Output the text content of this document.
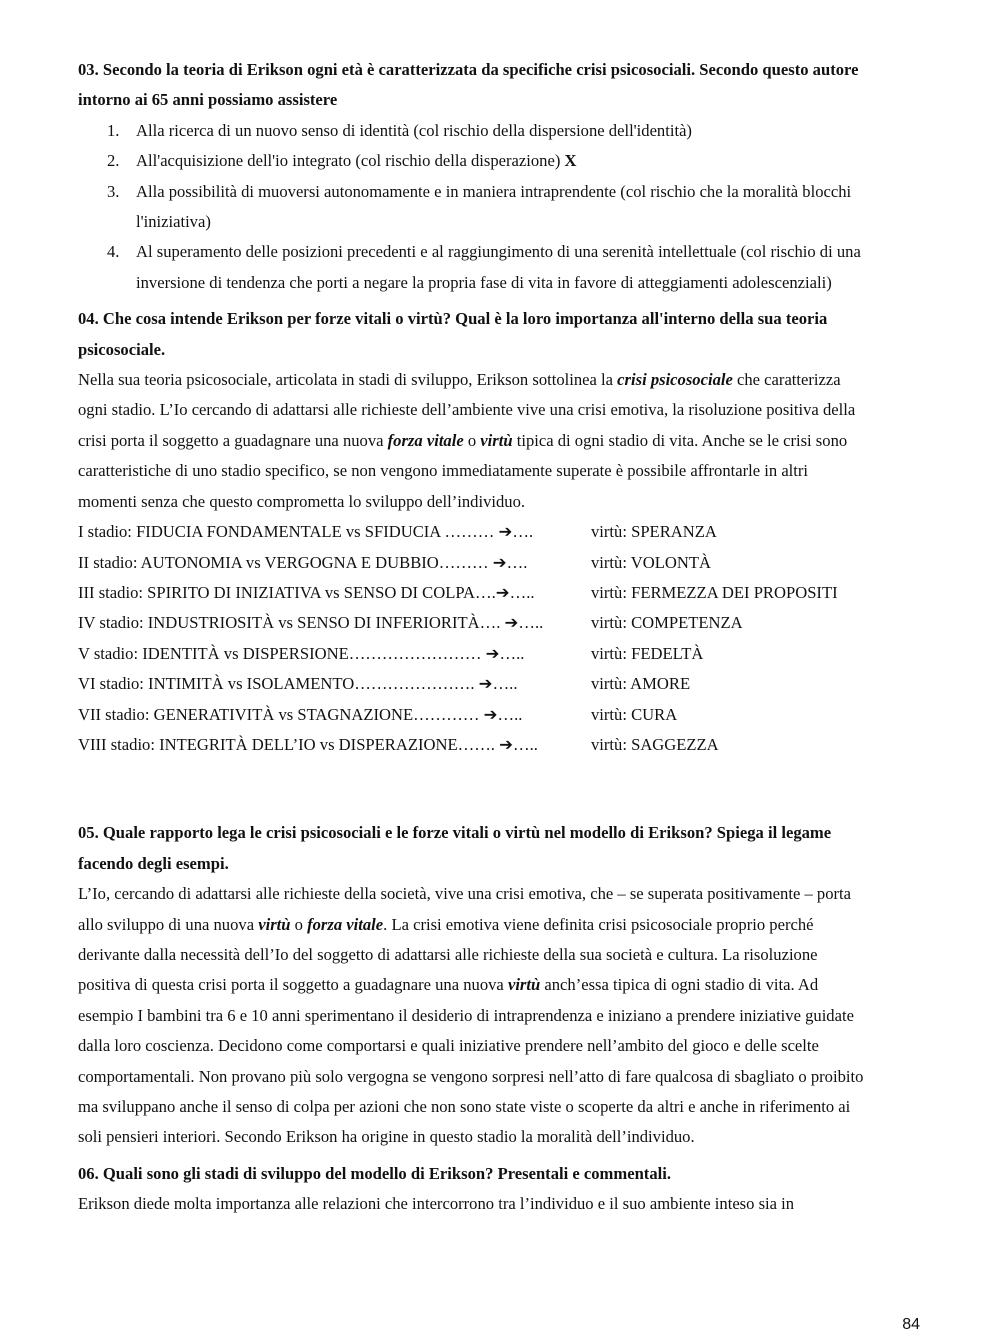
03. Secondo la teoria di Erikson ogni età è caratterizzata da specifiche crisi psicosociali. Secondo questo autore
intorno ai 65 anni possiamo assistere
1. Alla ricerca di un nuovo senso di identità (col rischio della dispersione dell'identità)
2. All'acquisizione dell'io integrato (col rischio della disperazione) X
3. Alla possibilità di muoversi autonomamente e in maniera intraprendente (col rischio che la moralità blocchi
l'iniziativa)
4. Al superamento delle posizioni precedenti e al raggiungimento di una serenità intellettuale (col rischio di una
inversione di tendenza che porti a negare la propria fase di vita in favore di atteggiamenti adolescenziali)
04. Che cosa intende Erikson per forze vitali o virtù? Qual è la loro importanza all'interno della sua teoria
psicosociale.
Nella sua teoria psicosociale, articolata in stadi di sviluppo, Erikson sottolinea la crisi psicosociale che caratterizza
ogni stadio. L’Io cercando di adattarsi alle richieste dell’ambiente vive una crisi emotiva, la risoluzione positiva della
crisi porta il soggetto a guadagnare una nuova forza vitale o virtù tipica di ogni stadio di vita. Anche se le crisi sono
caratteristiche di uno stadio specifico, se non vengono immediatamente superate è possibile affrontarle in altri
momenti senza che questo comprometta lo sviluppo dell’individuo.
I stadio: FIDUCIA FONDAMENTALE vs SFIDUCIA ……… ➔….	virtù: SPERANZA
II stadio: AUTONOMIA vs VERGOGNA E DUBBIO……… ➔….	virtù: VOLONTÀ
III stadio: SPIRITO DI INIZIATIVA vs SENSO DI COLPA….➔…..	virtù: FERMEZZA DEI PROPOSITI
IV stadio: INDUSTRIOSITÀ vs SENSO DI INFERIORITÀ…. ➔…..	virtù: COMPETENZA
V stadio: IDENTITÀ vs DISPERSIONE…………………… ➔…..	virtù: FEDELTÀ
VI stadio: INTIMITÀ vs ISOLAMENTO…………………. ➔…..	virtù: AMORE
VII stadio: GENERATIVITÀ vs STAGNAZIONE………… ➔…..	virtù: CURA
VIII stadio: INTEGRITÀ DELL’IO vs DISPERAZIONE……. ➔…..	virtù: SAGGEZZA
05. Quale rapporto lega le crisi psicosociali e le forze vitali o virtù nel modello di Erikson? Spiega il legame
facendo degli esempi.
L’Io, cercando di adattarsi alle richieste della società, vive una crisi emotiva, che – se superata positivamente – porta
allo sviluppo di una nuova virtù o forza vitale. La crisi emotiva viene definita crisi psicosociale proprio perché
derivante dalla necessità dell’Io del soggetto di adattarsi alle richieste della sua società e cultura. La risoluzione
positiva di questa crisi porta il soggetto a guadagnare una nuova virtù anch’essa tipica di ogni stadio di vita. Ad
esempio I bambini tra 6 e 10 anni sperimentano il desiderio di intraprendenza e iniziano a prendere iniziative guidate
dalla loro coscienza. Decidono come comportarsi e quali iniziative prendere nell’ambito del gioco e delle scelte
comportamentali. Non provano più solo vergogna se vengono sorpresi nell’atto di fare qualcosa di sbagliato o proibito
ma sviluppano anche il senso di colpa per azioni che non sono state viste o scoperte da altri e anche in riferimento ai
soli pensieri interiori. Secondo Erikson ha origine in questo stadio la moralità dell’individuo.
06. Quali sono gli stadi di sviluppo del modello di Erikson? Presentali e commentali.
Erikson diede molta importanza alle relazioni che intercorrono tra l’individuo e il suo ambiente inteso sia in
84
